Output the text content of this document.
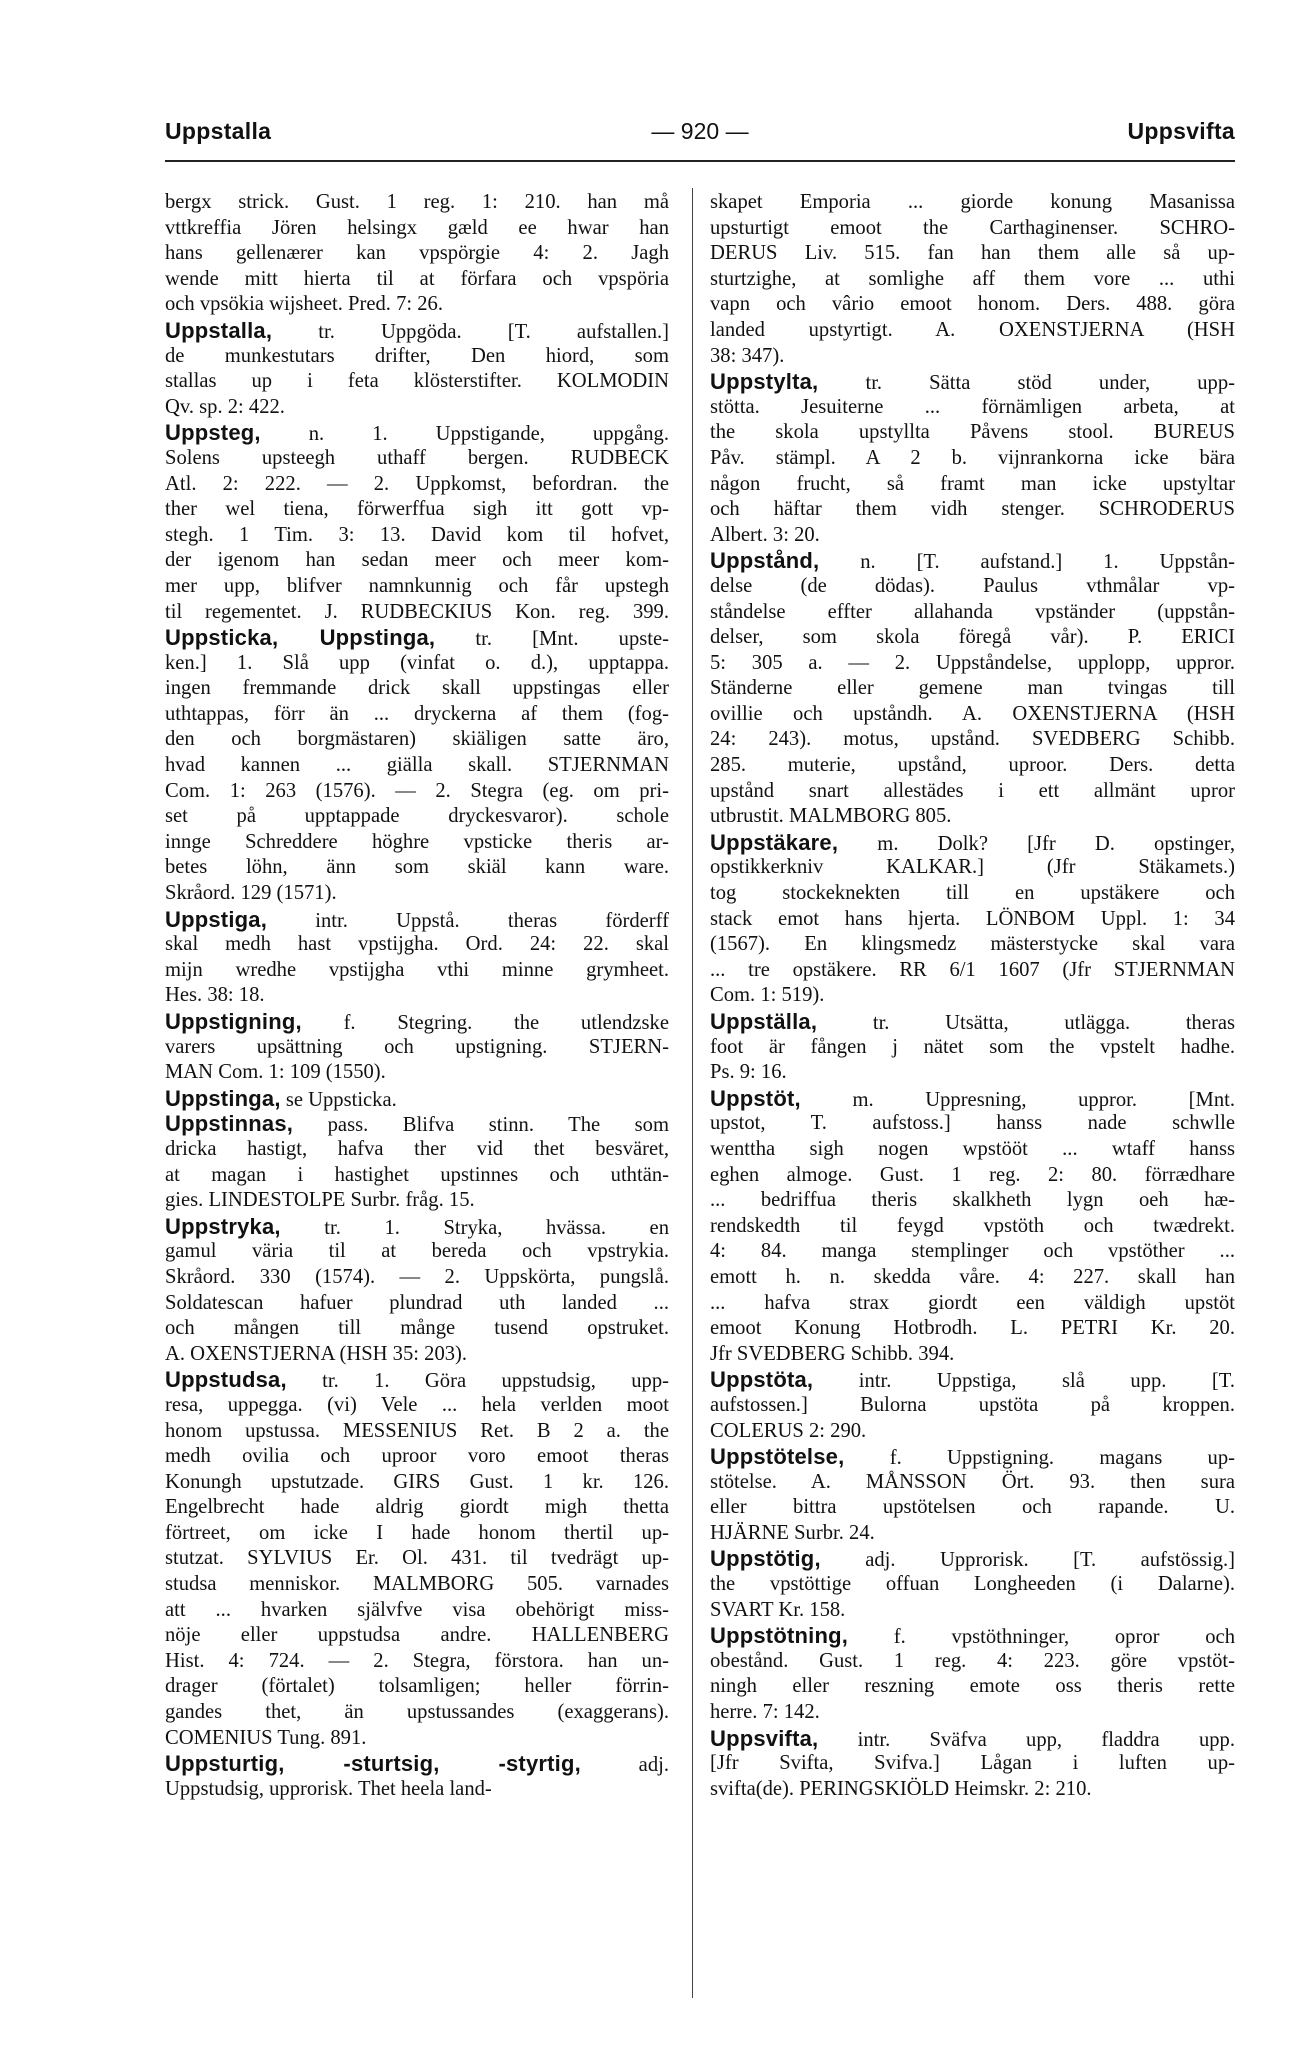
Uppstalla	— 920 —	Uppsvifta
bergx strick. Gust. 1 reg. 1: 210. han må
vttkreffia Jören helsingx gæld ee hwar han
hans gellenærer kan vpspörgie 4: 2. Jagh
wende mitt hierta til at förfara och vpspöria
och vpsökia wijsheet. Pred. 7: 26.
Uppstalla, tr. Uppgöda. [T. aufstallen.]
de munkestutars drifter, Den hiord, som
stallas up i feta klösterstifter. KOLMODIN
Qv. sp. 2: 422.
Uppsteg, n. 1. Uppstigande, uppgång.
Solens upsteegh uthaff bergen. RUDBECK
Atl. 2: 222. — 2. Uppkomst, befordran. the
ther wel tiena, förwerffua sigh itt gott vp-
stegh. 1 Tim. 3: 13. David kom til hofvet,
der igenom han sedan meer och meer kom-
mer upp, blifver namnkunnig och får upstegh
til regementet. J. RUDBECKIUS Kon. reg. 399.
Uppsticka, Uppstinga, tr. [Mnt. upste-
ken.] 1. Slå upp (vinfat o. d.), upptappa.
ingen fremmande drick skall uppstingas eller
uthtappas, förr än ... dryckerna af them (fog-
den och borgmästaren) skiäligen satte äro,
hvad kannen ... giälla skall. STJERNMAN
Com. 1: 263 (1576). — 2. Stegra (eg. om pri-
set på upptappade dryckesvaror). schole
innge Schreddere höghre vpsticke theris ar-
betes löhn, änn som skiäl kann ware.
Skråord. 129 (1571).
Uppstiga, intr. Uppstå. theras förderff
skal medh hast vpstijgha. Ord. 24: 22. skal
mijn wredhe vpstijgha vthi minne grymheet.
Hes. 38: 18.
Uppstigning, f. Stegring. the utlendzske
varers upsättning och upstigning. STJERN-
MAN Com. 1: 109 (1550).
Uppstinga, se Uppsticka.
Uppstinnas, pass. Blifva stinn. The som
dricka hastigt, hafva ther vid thet besväret,
at magan i hastighet upstinnes och uthtän-
gies. LINDESTOLPE Surbr. fråg. 15.
Uppstryka, tr. 1. Stryka, hvässa. en
gamul väria til at bereda och vpstrykia.
Skråord. 330 (1574). — 2. Uppskörta, pungslå.
Soldatescan hafuer plundrad uth landed ...
och mången till månge tusend opstruket.
A. OXENSTJERNA (HSH 35: 203).
Uppstudsa, tr. 1. Göra uppstudsig, upp-
resa, uppegga. (vi) Vele ... hela verlden moot
honom upstussa. MESSENIUS Ret. B 2 a. the
medh ovilia och uproor voro emoot theras
Konungh upstutzade. GIRS Gust. 1 kr. 126.
Engelbrecht hade aldrig giordt migh thetta
förtreet, om icke I hade honom thertil up-
stutzat. SYLVIUS Er. Ol. 431. til tvedrägt up-
studsa menniskor. MALMBORG 505. varnades
att ... hvarken självfve visa obehörigt miss-
nöje eller uppstudsa andre. HALLENBERG
Hist. 4: 724. — 2. Stegra, förstora. han un-
drager (förtalet) tolsamligen; heller förrin-
gandes thet, än upstussandes (exaggerans).
COMENIUS Tung. 891.
Uppsturtig, -sturtsig, -styrtig, adj.
Uppstudsig, upprorisk. Thet heela land-
skapet Emporia ... giorde konung Masanissa
upsturtigt emoot the Carthaginenser. SCHRO-
DERUS Liv. 515. fan han them alle så up-
sturtzighe, at somlighe aff them vore ... uthi
vapn och vârio emoot honom. Ders. 488. göra
landed upstyrtigt. A. OXENSTJERNA (HSH
38: 347).
Uppstylta, tr. Sätta stöd under, upp-
stötta. Jesuiterne ... förnämligen arbeta, at
the skola upstyllta Påvens stool. BUREUS
Påv. stämpl. A 2 b. vijnrankorna icke bära
någon frucht, så framt man icke upstyltar
och häftar them vidh stenger. SCHRODERUS
Albert. 3: 20.
Uppstånd, n. [T. aufstand.] 1. Uppstån-
delse (de dödas). Paulus vthmålar vp-
ståndelse effter allahanda vpständer (uppstån-
delser, som skola föregå vår). P. ERICI
5: 305 a. — 2. Uppståndelse, upplopp, uppror.
Ständerne eller gemene man tvingas till
ovillie och upståndh. A. OXENSTJERNA (HSH
24: 243). motus, upstånd. SVEDBERG Schibb.
285. muterie, upstånd, uproor. Ders. detta
upstånd snart allestädes i ett allmänt upror
utbrustit. MALMBORG 805.
Uppstäkare, m. Dolk? [Jfr D. opstinger,
opstikkerkniv KALKAR.] (Jfr Stäkamets.)
tog stockeknekten till en upstäkere och
stack emot hans hjerta. LÖNBOM Uppl. 1: 34
(1567). En klingsmedz mästerstycke skal vara
... tre opstäkere. RR 6/1 1607 (Jfr STJERNMAN
Com. 1: 519).
Uppställa, tr. Utsätta, utlägga. theras
foot är fången j nätet som the vpstelt hadhe.
Ps. 9: 16.
Uppstöt, m. Uppresning, uppror. [Mnt.
upstot, T. aufstoss.] hanss nade schwlle
wenttha sigh nogen wpstööt ... wtaff hanss
eghen almoge. Gust. 1 reg. 2: 80. förrædhare
... bedriffua theris skalkheth lygn oeh hæ-
rendskedth til feygd vpstöth och twædrekt.
4: 84. manga stemplinger och vpstöther ...
emott h. n. skedda våre. 4: 227. skall han
... hafva strax giordt een väldigh upstöt
emoot Konung Hotbrodh. L. PETRI Kr. 20.
Jfr SVEDBERG Schibb. 394.
Uppstöta, intr. Uppstiga, slå upp. [T.
aufstossen.] Bulorna upstöta på kroppen.
COLERUS 2: 290.
Uppstötelse, f. Uppstigning. magans up-
stötelse. A. MÅNSSON Ört. 93. then sura
eller bittra upstötelsen och rapande. U.
HJÄRNE Surbr. 24.
Uppstötig, adj. Upprorisk. [T. aufstössig.]
the vpstöttige offuan Longheeden (i Dalarne).
SVART Kr. 158.
Uppstötning, f. vpstöthninger, opror och
obestånd. Gust. 1 reg. 4: 223. göre vpstöt-
ningh eller reszning emote oss theris rette
herre. 7: 142.
Uppsvifta, intr. Sväfva upp, fladdra upp.
[Jfr Svifta, Svifva.] Lågan i luften up-
svifta(de). PERINGSKIÖLD Heimskr. 2: 210.
